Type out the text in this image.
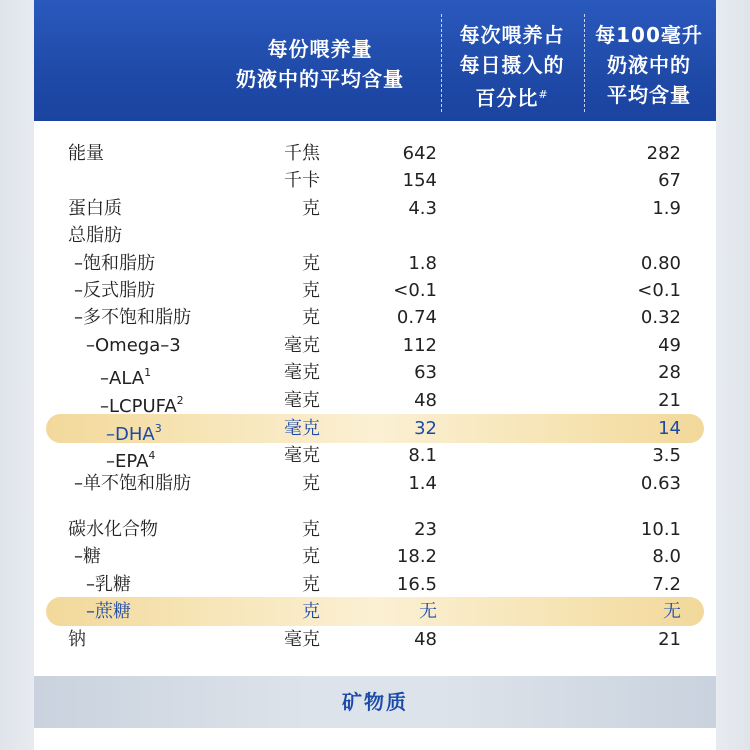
每份喂养量
奶液中的平均含量
每次喂养占
每日摄入的
百分比#
每100毫升
奶液中的
平均含量
能量	千焦	642	282
千卡	154	67
蛋白质	克	4.3	1.9
总脂肪
–饱和脂肪	克	1.8	0.80
–反式脂肪	克	<0.1	<0.1
–多不饱和脂肪	克	0.74	0.32
–Omega–3	毫克	112	49
–ALA$^1$	毫克	63	28
–LCPUFA$^2$	毫克	48	21
–DHA$^3$	毫克	32	14
–EPA$^4$	毫克	8.1	3.5
–单不饱和脂肪	克	1.4	0.63
碳水化合物	克	23	10.1
–糖	克	18.2	8.0
–乳糖	克	16.5	7.2
–蔗糖	克	无	无
钠	毫克	48	21
矿物质
